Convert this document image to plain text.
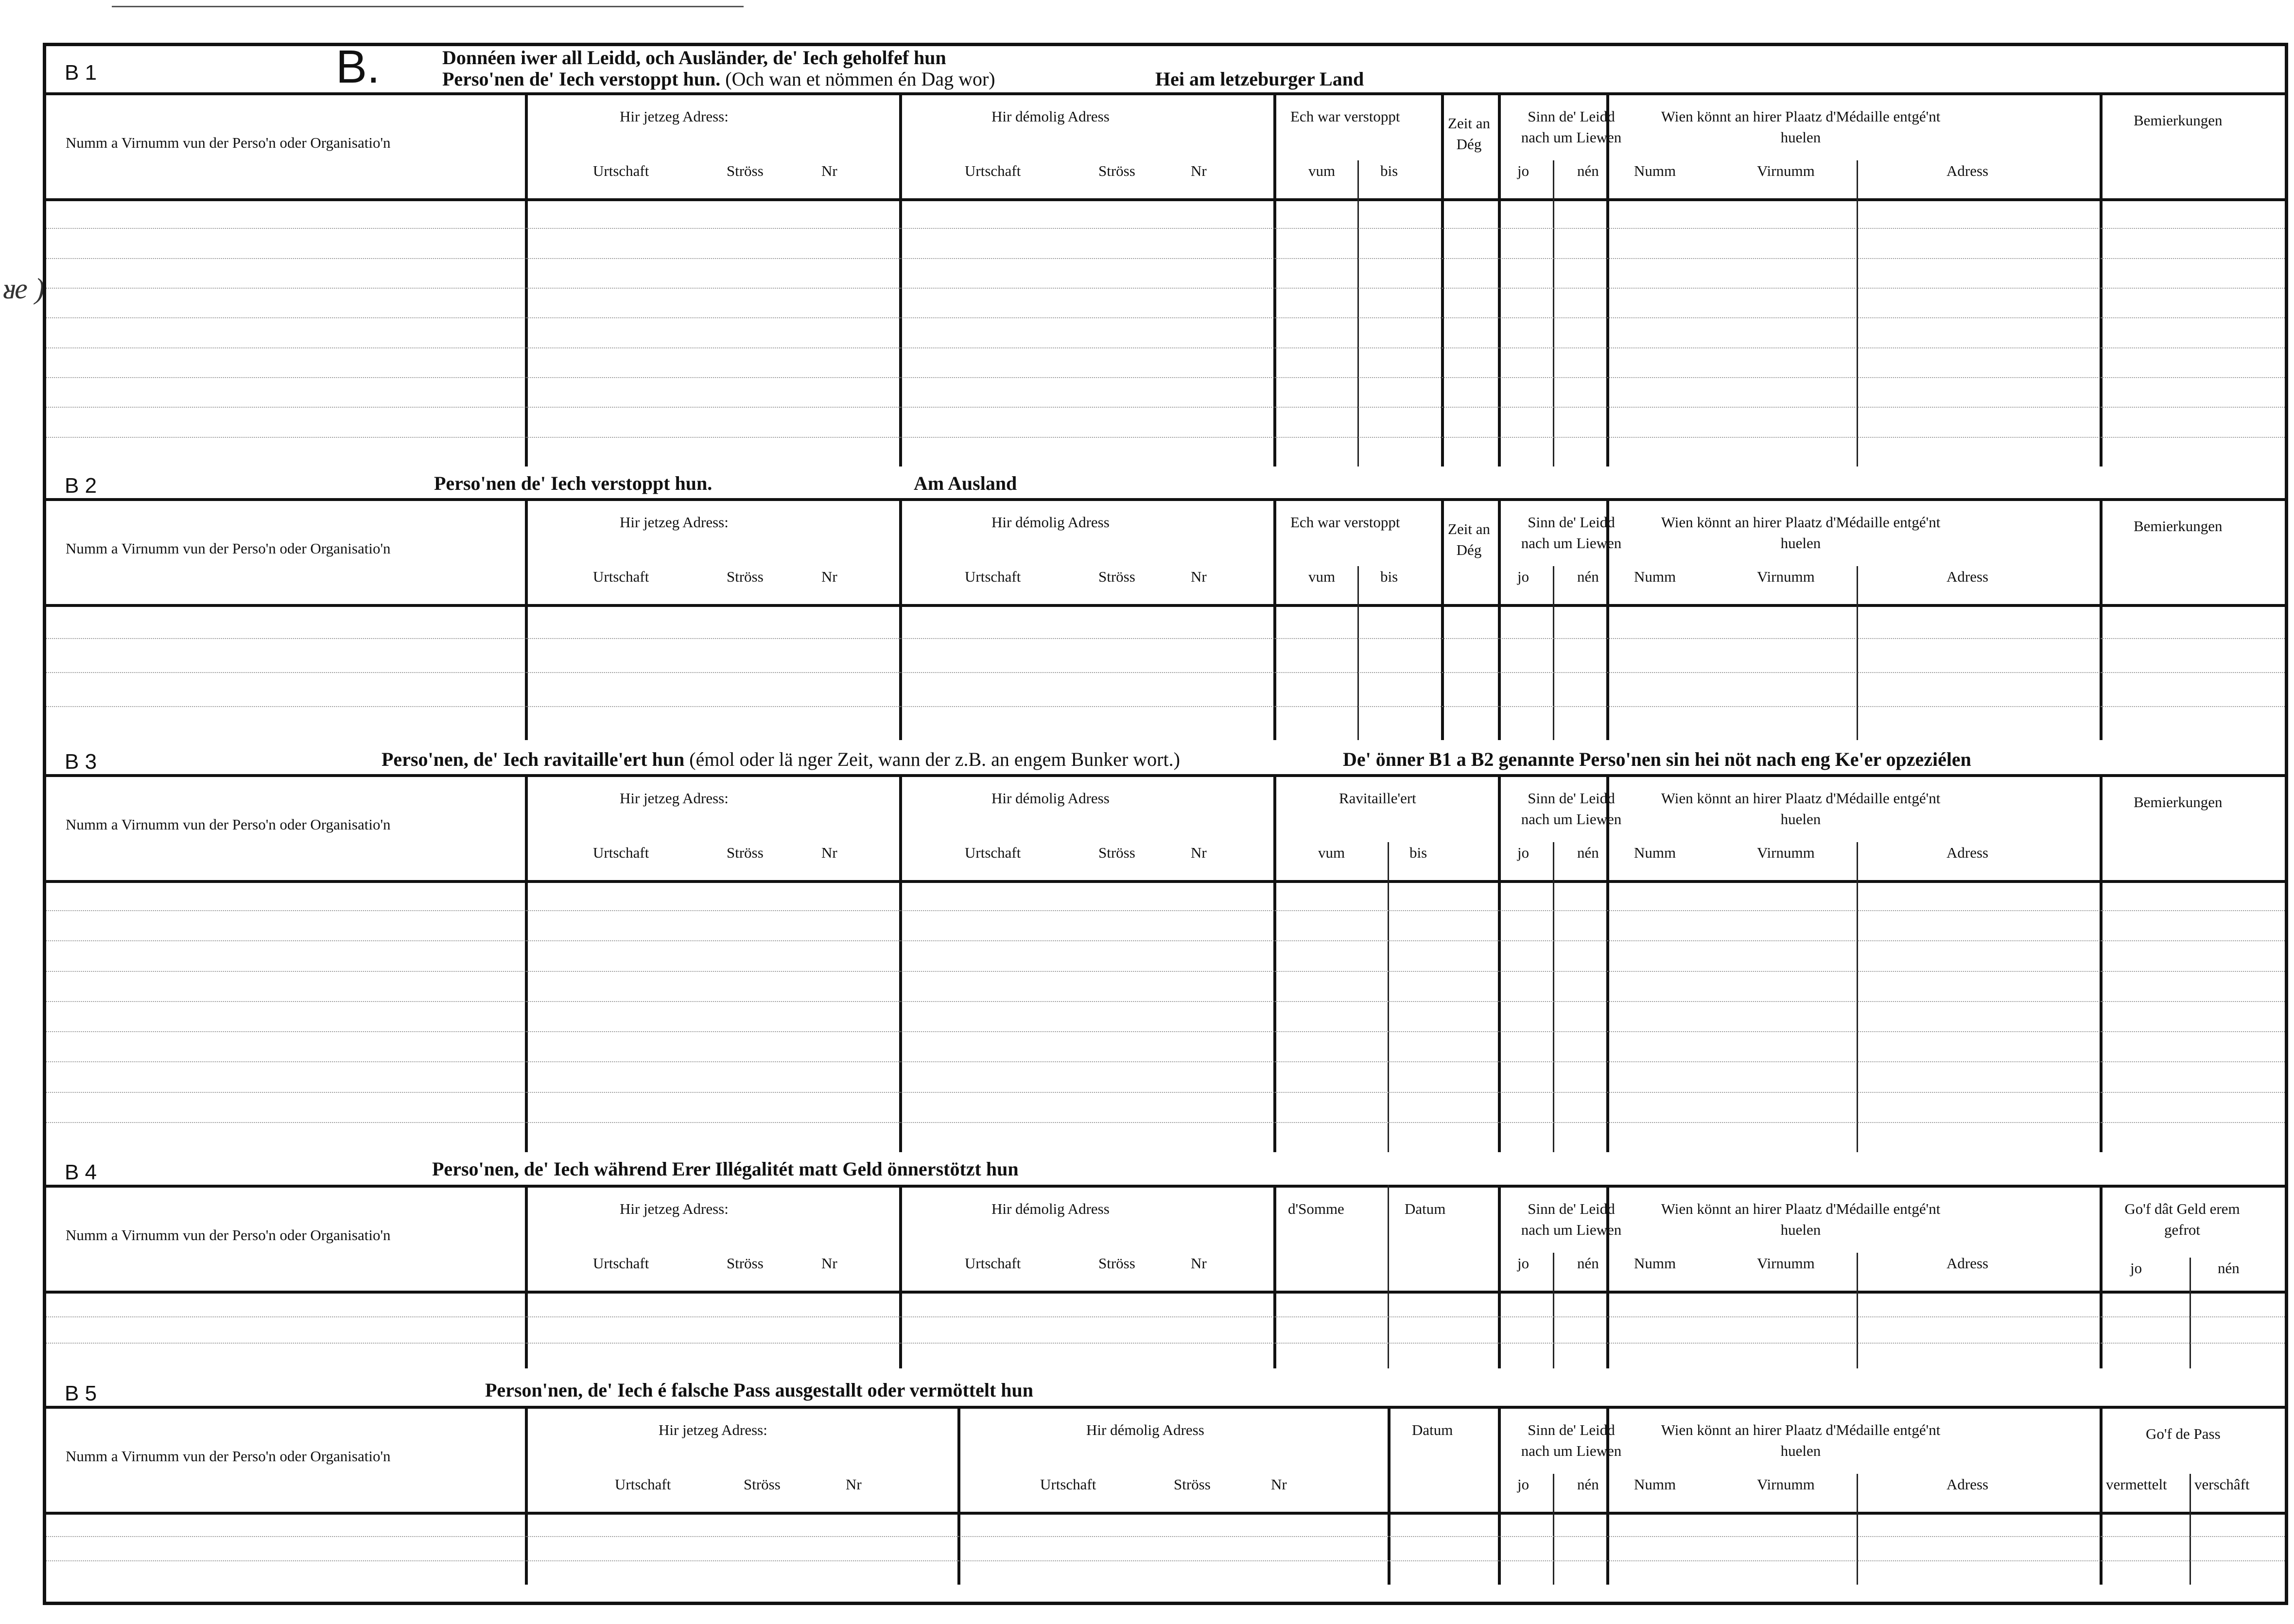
ᴚe )
B 1	B.	Donnéen iwer all Leidd, och Ausländer, de' Iech geholfef hun
Perso'nen de' Iech verstoppt hun. (Och wan et nömmen én Dag wor)	Hei am letzeburger Land
B 2	Perso'nen de' Iech verstoppt hun.	Am Ausland
B 3	Perso'nen, de' Iech ravitaille'ert hun (émol oder lä nger Zeit, wann der z.B. an engem Bunker wort.)	De' önner B1 a B2 genannte Perso'nen sin hei nöt nach eng Ke'er opzeziélen
B 4	Perso'nen, de' Iech während Erer Illégalitét matt Geld önnerstötzt hun
B 5	Person'nen, de' Iech é falsche Pass ausgestallt oder vermöttelt hun
Numm a Virnumm vun der Perso'n oder Organisatio'n
Hir jetzeg Adress:
Urtschaft	Ströss	Nr
Hir démolig Adress
Urtschaft	Ströss	Nr
Sinn de' Leidd nach um Liewen
jo	nén
Wien könnt an hirer Plaatz d'Médaille entgé'nt huelen
Numm	Virnumm	Adress
Ech war verstoppt
vum	bis
Zeit an Dég
Bemierkungen
Numm a Virnumm vun der Perso'n oder Organisatio'n
Hir jetzeg Adress:
Urtschaft	Ströss	Nr
Hir démolig Adress
Urtschaft	Ströss	Nr
Sinn de' Leidd nach um Liewen
jo	nén
Wien könnt an hirer Plaatz d'Médaille entgé'nt huelen
Numm	Virnumm	Adress
Ech war verstoppt
vum	bis
Zeit an Dég
Bemierkungen
Numm a Virnumm vun der Perso'n oder Organisatio'n
Hir jetzeg Adress:
Urtschaft	Ströss	Nr
Hir démolig Adress
Urtschaft	Ströss	Nr
Sinn de' Leidd nach um Liewen
jo	nén
Wien könnt an hirer Plaatz d'Médaille entgé'nt huelen
Numm	Virnumm	Adress
Ravitaille'ert
vum	bis
Bemierkungen
Numm a Virnumm vun der Perso'n oder Organisatio'n
Hir jetzeg Adress:
Urtschaft	Ströss	Nr
Hir démolig Adress
Urtschaft	Ströss	Nr
Sinn de' Leidd nach um Liewen
jo	nén
Wien könnt an hirer Plaatz d'Médaille entgé'nt huelen
Numm	Virnumm	Adress
d'Somme	Datum	Go'f dât Geld erem gefrot
jo	nén
Numm a Virnumm vun der Perso'n oder Organisatio'n
Hir jetzeg Adress:
Urtschaft	Ströss	Nr
Hir démolig Adress
Urtschaft	Ströss	Nr
Datum	Sinn de' Leidd nach um Liewen
jo	nén
Wien könnt an hirer Plaatz d'Médaille entgé'nt huelen
Numm	Virnumm	Adress
Go'f de Pass
vermettelt verschâft
